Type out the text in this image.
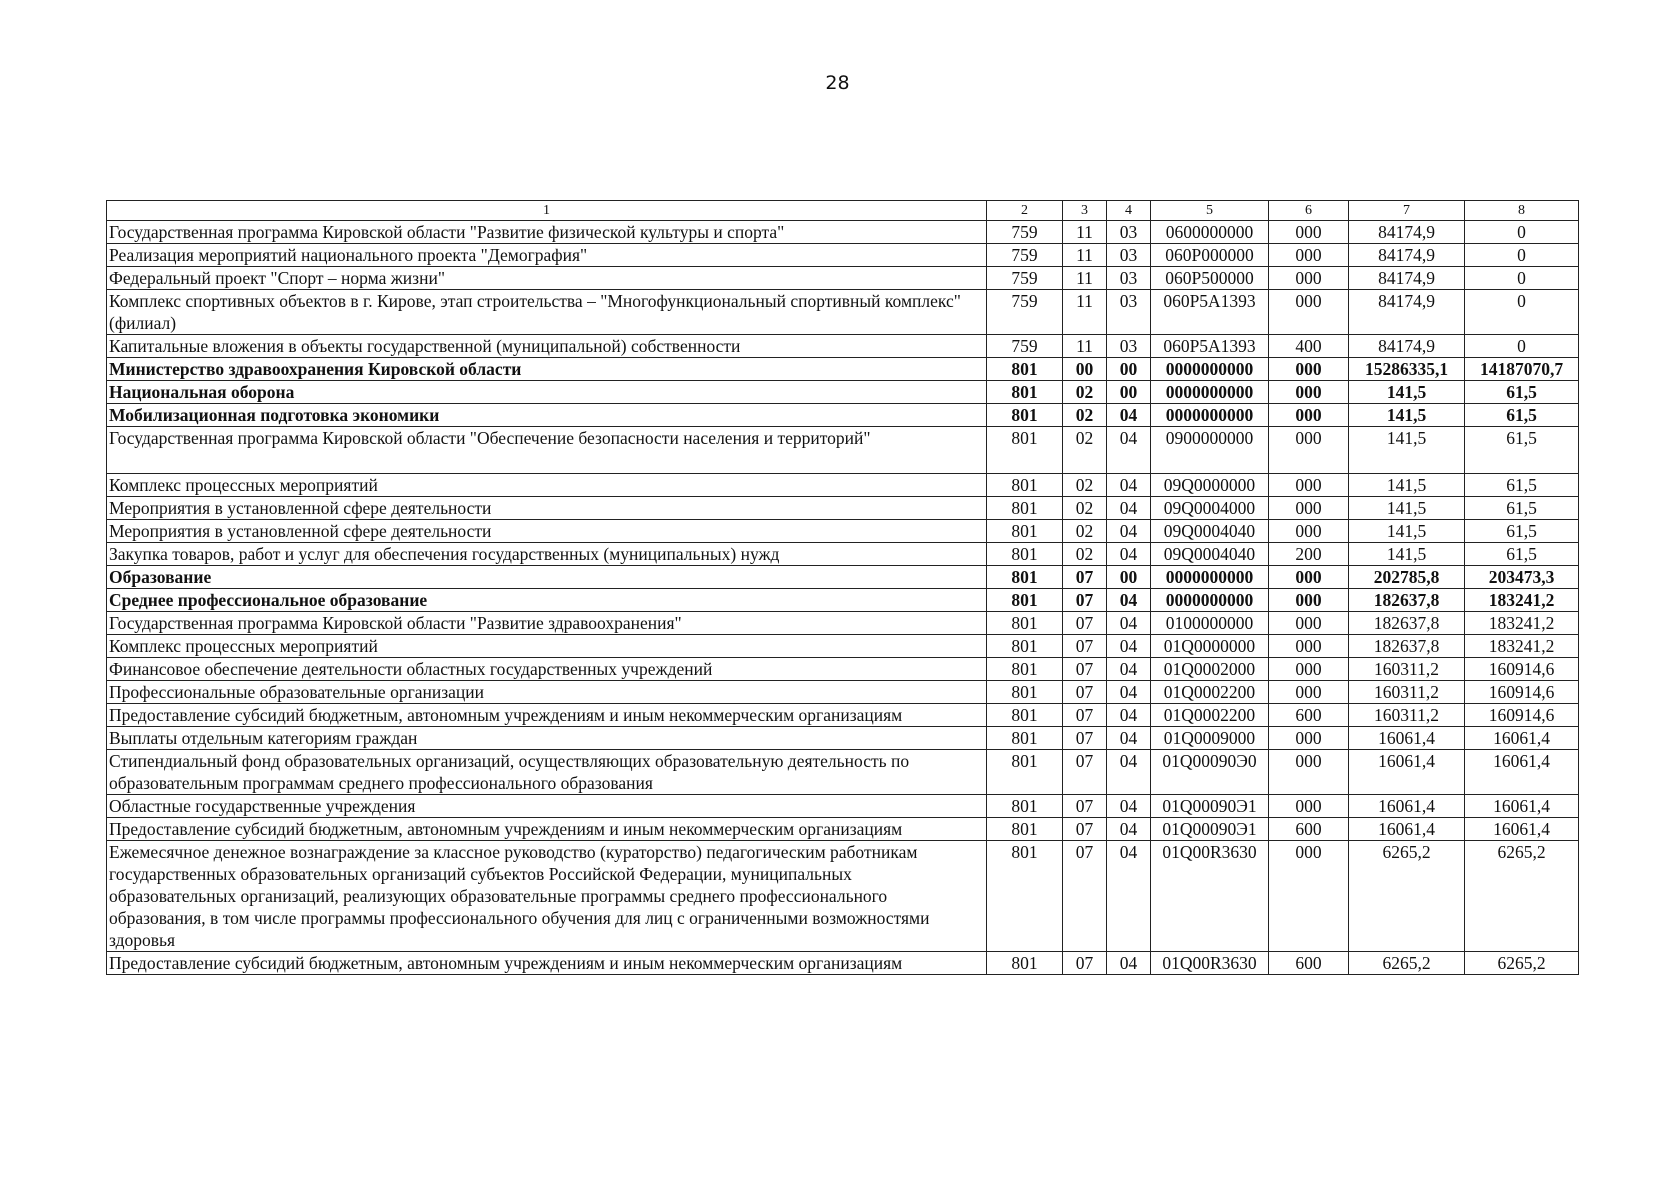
28
1	2	3	4	5	6	7	8
Государственная программа Кировской области "Развитие физической культуры и спорта"	759	11	03	0600000000	000	84174,9	0
Реализация мероприятий национального проекта "Демография"	759	11	03	060P000000	000	84174,9	0
Федеральный проект "Спорт – норма жизни"	759	11	03	060P500000	000	84174,9	0
Комплекс спортивных объектов в г. Кирове, этап строительства – "Многофункциональный спортивный комплекс" (филиал)	759	11	03	060P5A1393	000	84174,9	0
Капитальные вложения в объекты государственной (муниципальной) собственности	759	11	03	060P5A1393	400	84174,9	0
Министерство здравоохранения Кировской области	801	00	00	0000000000	000	15286335,1	14187070,7
Национальная оборона	801	02	00	0000000000	000	141,5	61,5
Мобилизационная подготовка экономики	801	02	04	0000000000	000	141,5	61,5
Государственная программа Кировской области "Обеспечение безопасности населения и территорий"	801	02	04	0900000000	000	141,5	61,5
Комплекс процессных мероприятий	801	02	04	09Q0000000	000	141,5	61,5
Мероприятия в установленной сфере деятельности	801	02	04	09Q0004000	000	141,5	61,5
Мероприятия в установленной сфере деятельности	801	02	04	09Q0004040	000	141,5	61,5
Закупка товаров, работ и услуг для обеспечения государственных (муниципальных) нужд	801	02	04	09Q0004040	200	141,5	61,5
Образование	801	07	00	0000000000	000	202785,8	203473,3
Среднее профессиональное образование	801	07	04	0000000000	000	182637,8	183241,2
Государственная программа Кировской области "Развитие здравоохранения"	801	07	04	0100000000	000	182637,8	183241,2
Комплекс процессных мероприятий	801	07	04	01Q0000000	000	182637,8	183241,2
Финансовое обеспечение деятельности областных государственных учреждений	801	07	04	01Q0002000	000	160311,2	160914,6
Профессиональные образовательные организации	801	07	04	01Q0002200	000	160311,2	160914,6
Предоставление субсидий бюджетным, автономным учреждениям и иным некоммерческим организациям	801	07	04	01Q0002200	600	160311,2	160914,6
Выплаты отдельным категориям граждан	801	07	04	01Q0009000	000	16061,4	16061,4
Стипендиальный фонд образовательных организаций, осуществляющих образовательную деятельность по образовательным программам среднего профессионального образования	801	07	04	01Q00090Э0	000	16061,4	16061,4
Областные государственные учреждения	801	07	04	01Q00090Э1	000	16061,4	16061,4
Предоставление субсидий бюджетным, автономным учреждениям и иным некоммерческим организациям	801	07	04	01Q00090Э1	600	16061,4	16061,4
Ежемесячное денежное вознаграждение за классное руководство (кураторство) педагогическим работникам государственных образовательных организаций субъектов Российской Федерации, муниципальных образовательных организаций, реализующих образовательные программы среднего профессионального образования, в том числе программы профессионального обучения для лиц с ограниченными возможностями здоровья	801	07	04	01Q00R3630	000	6265,2	6265,2
Предоставление субсидий бюджетным, автономным учреждениям и иным некоммерческим организациям	801	07	04	01Q00R3630	600	6265,2	6265,2
